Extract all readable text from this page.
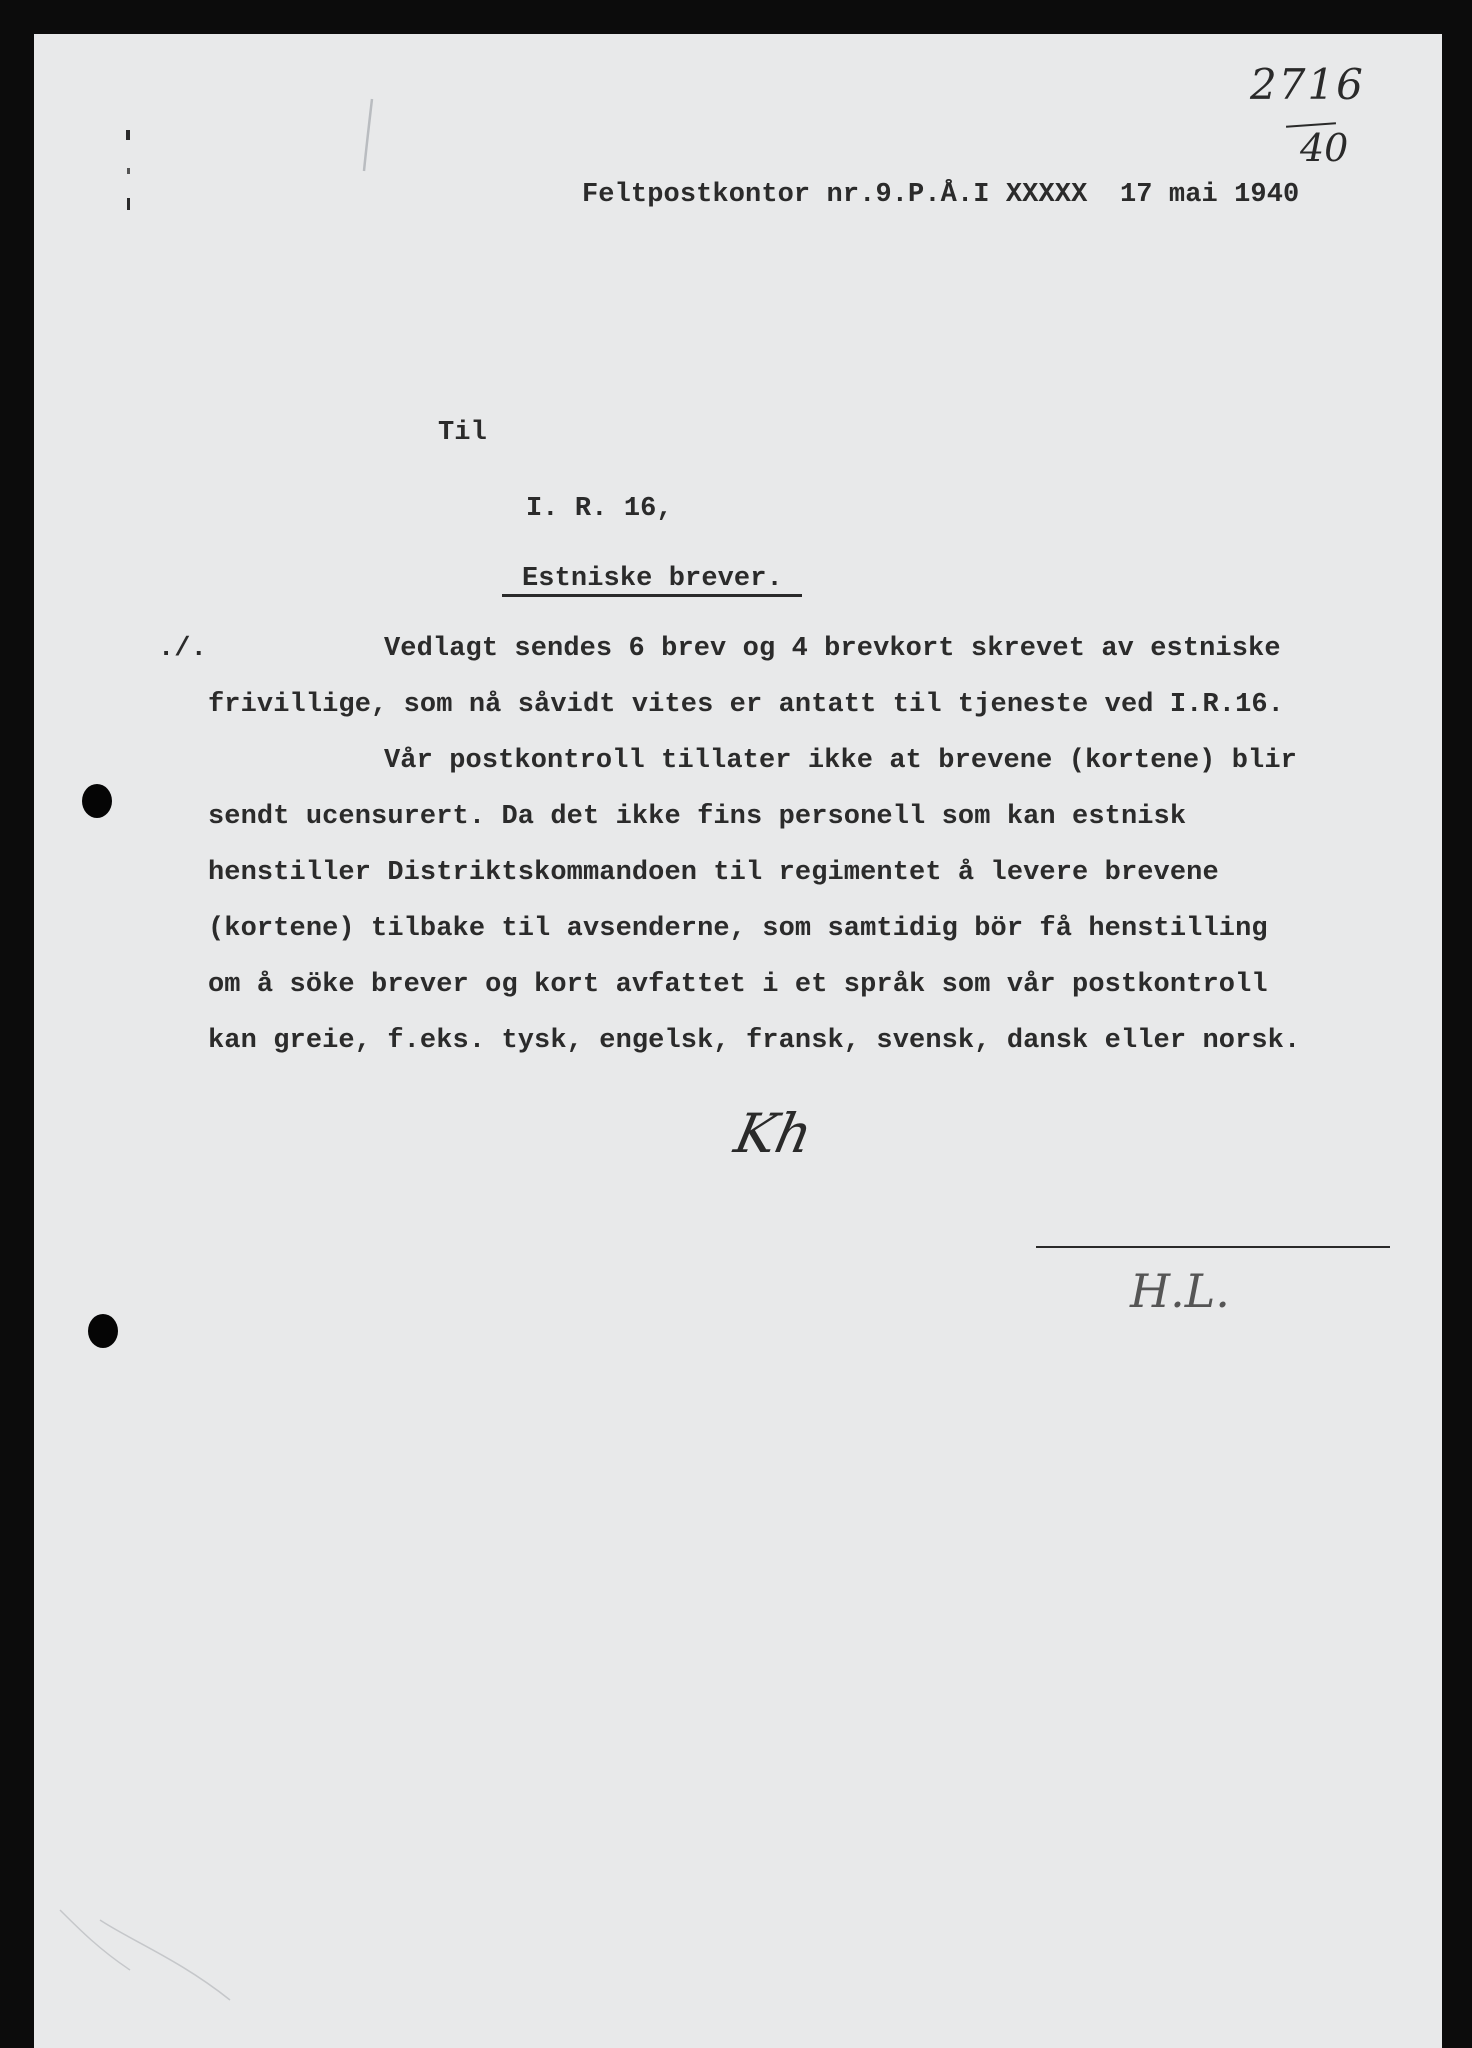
2716
40

Feltpostkontor nr.9.P.Å.I XXXXX  17 mai 1940

Til

I. R. 16,

Estniske brever.

./.	Vedlagt sendes 6 brev og 4 brevkort skrevet av estniske

frivillige, som nå såvidt vites er antatt til tjeneste ved I.R.16.

Vår postkontroll tillater ikke at brevene (kortene) blir

sendt ucensurert. Da det ikke fins personell som kan estnisk

henstiller Distriktskommandoen til regimentet å levere brevene

(kortene) tilbake til avsenderne, som samtidig bör få henstilling

om å söke brever og kort avfattet i et språk som vår postkontroll

kan greie, f.eks. tysk, engelsk, fransk, svensk, dansk eller norsk.

Kh
H.L.
